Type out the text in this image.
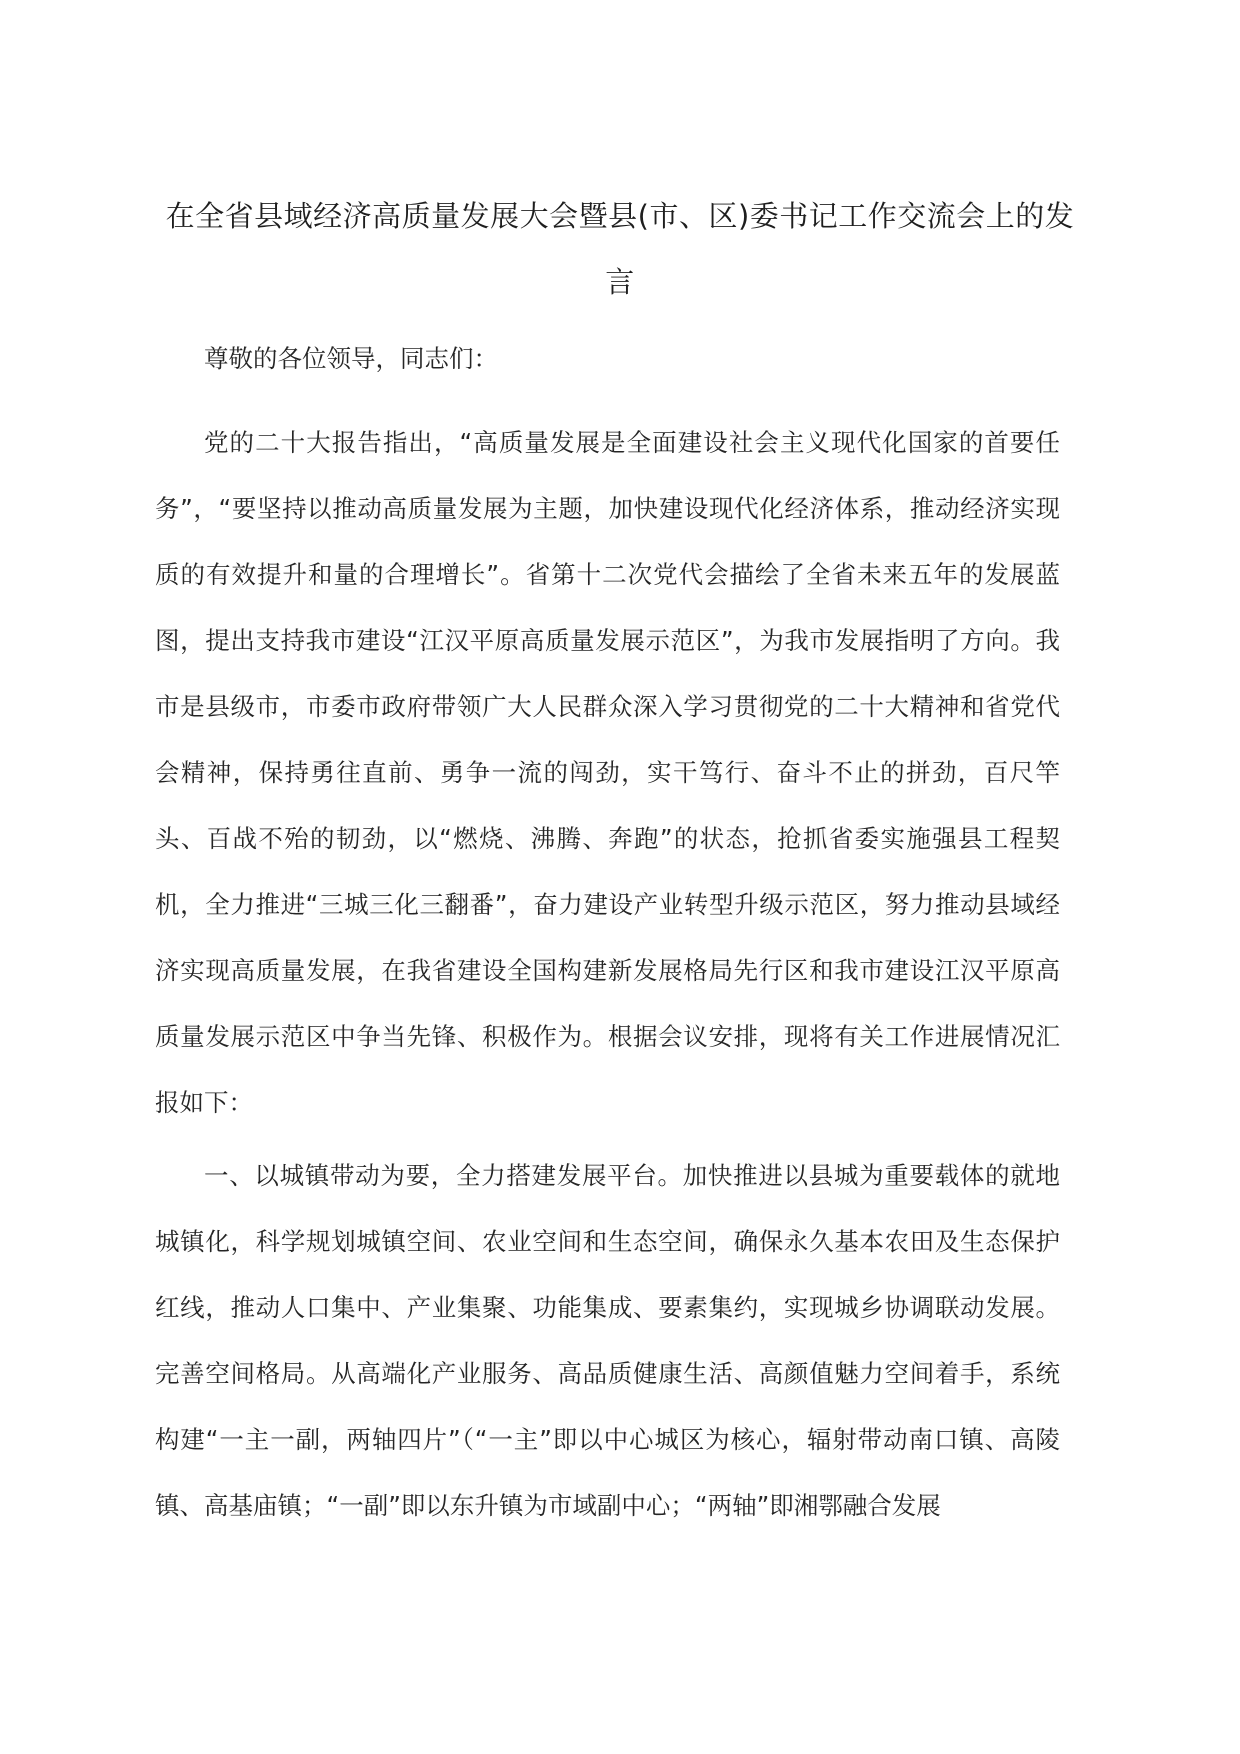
在全省县域经济高质量发展大会暨县(市、区)委书记工作交流会上的发言

尊敬的各位领导，同志们：

党的二十大报告指出，“高质量发展是全面建设社会主义现代化国家的首要任务”，“要坚持以推动高质量发展为主题，加快建设现代化经济体系，推动经济实现质的有效提升和量的合理增长”。省第十二次党代会描绘了全省未来五年的发展蓝图，提出支持我市建设“江汉平原高质量发展示范区”，为我市发展指明了方向。我市是县级市，市委市政府带领广大人民群众深入学习贯彻党的二十大精神和省党代会精神，保持勇往直前、勇争一流的闯劲，实干笃行、奋斗不止的拼劲，百尺竿头、百战不殆的韧劲，以“燃烧、沸腾、奔跑”的状态，抢抓省委实施强县工程契机，全力推进“三城三化三翻番”，奋力建设产业转型升级示范区，努力推动县域经济实现高质量发展，在我省建设全国构建新发展格局先行区和我市建设江汉平原高质量发展示范区中争当先锋、积极作为。根据会议安排，现将有关工作进展情况汇报如下：

一、以城镇带动为要，全力搭建发展平台。加快推进以县城为重要载体的就地城镇化，科学规划城镇空间、农业空间和生态空间，确保永久基本农田及生态保护红线，推动人口集中、产业集聚、功能集成、要素集约，实现城乡协调联动发展。完善空间格局。从高端化产业服务、高品质健康生活、高颜值魅力空间着手，系统构建“一主一副，两轴四片”（“一主”即以中心城区为核心，辐射带动南口镇、高陵镇、高基庙镇；“一副”即以东升镇为市域副中心；“两轴”即湘鄂融合发展
